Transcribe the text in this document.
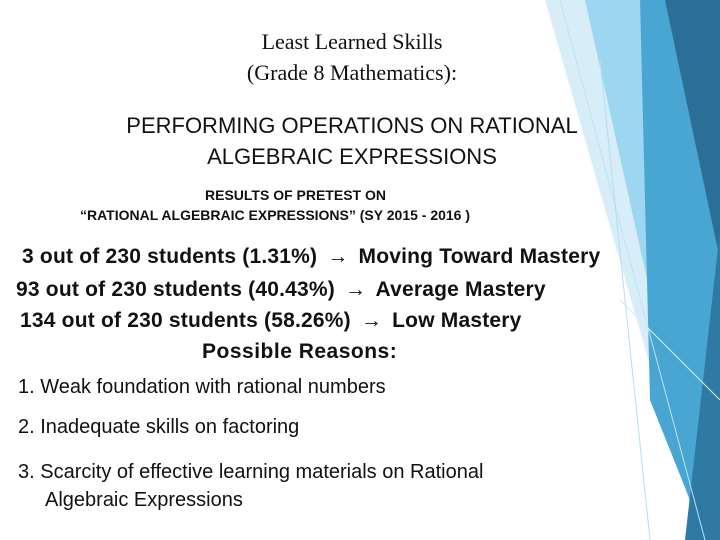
Least Learned Skills
(Grade 8 Mathematics):
PERFORMING OPERATIONS ON RATIONAL
ALGEBRAIC EXPRESSIONS
RESULTS OF PRETEST ON
“RATIONAL ALGEBRAIC EXPRESSIONS” (SY 2015 - 2016 )
3 out of 230 students (1.31%) → Moving Toward Mastery
93 out of 230 students (40.43%) → Average Mastery
134 out of 230 students (58.26%) → Low Mastery
Possible Reasons:
1. Weak foundation with rational numbers
2. Inadequate skills on factoring
3. Scarcity of effective learning materials on Rational
Algebraic Expressions
